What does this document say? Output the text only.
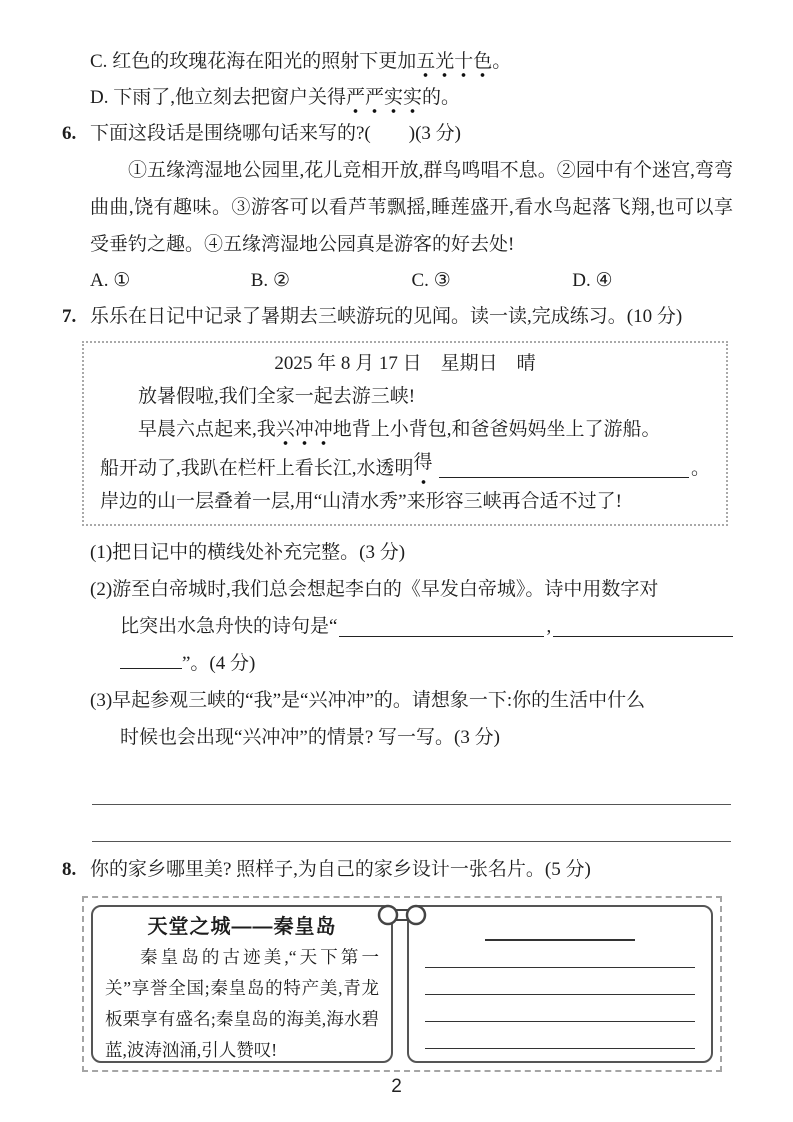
C. 红色的玫瑰花海在阳光的照射下更加五光十色。
D. 下雨了,他立刻去把窗户关得严严实实的。
6. 下面这段话是围绕哪句话来写的?(　　)(3 分)
①五缘湾湿地公园里,花儿竞相开放,群鸟鸣唱不息。②园中有个迷宫,弯弯曲曲,饶有趣味。③游客可以看芦苇飘摇,睡莲盛开,看水鸟起落飞翔,也可以享受垂钓之趣。④五缘湾湿地公园真是游客的好去处!
A. ①	B. ②	C. ③	D. ④
7. 乐乐在日记中记录了暑期去三峡游玩的见闻。读一读,完成练习。(10 分)
2025 年 8 月 17 日　星期日　晴
放暑假啦,我们全家一起去游三峡!
早晨六点起来,我兴冲冲地背上小背包,和爸爸妈妈坐上了游船。
船开动了,我趴在栏杆上看长江,水透明 得	。
岸边的山一层叠着一层,用“山清水秀”来形容三峡再合适不过了!
(1)把日记中的横线处补充完整。(3 分)
(2)游至白帝城时,我们总会想起李白的《早发白帝城》。诗中用数字对
比突出水急舟快的诗句是“	,
”。(4 分)
(3)早起参观三峡的“我”是“兴冲冲”的。请想象一下:你的生活中什么
时候也会出现“兴冲冲”的情景? 写一写。(3 分)
8. 你的家乡哪里美? 照样子,为自己的家乡设计一张名片。(5 分)
天堂之城——秦皇岛
秦皇岛的古迹美,“天下第一关”享誉全国;秦皇岛的特产美,青龙板栗享有盛名;秦皇岛的海美,海水碧蓝,波涛汹涌,引人赞叹!
2
